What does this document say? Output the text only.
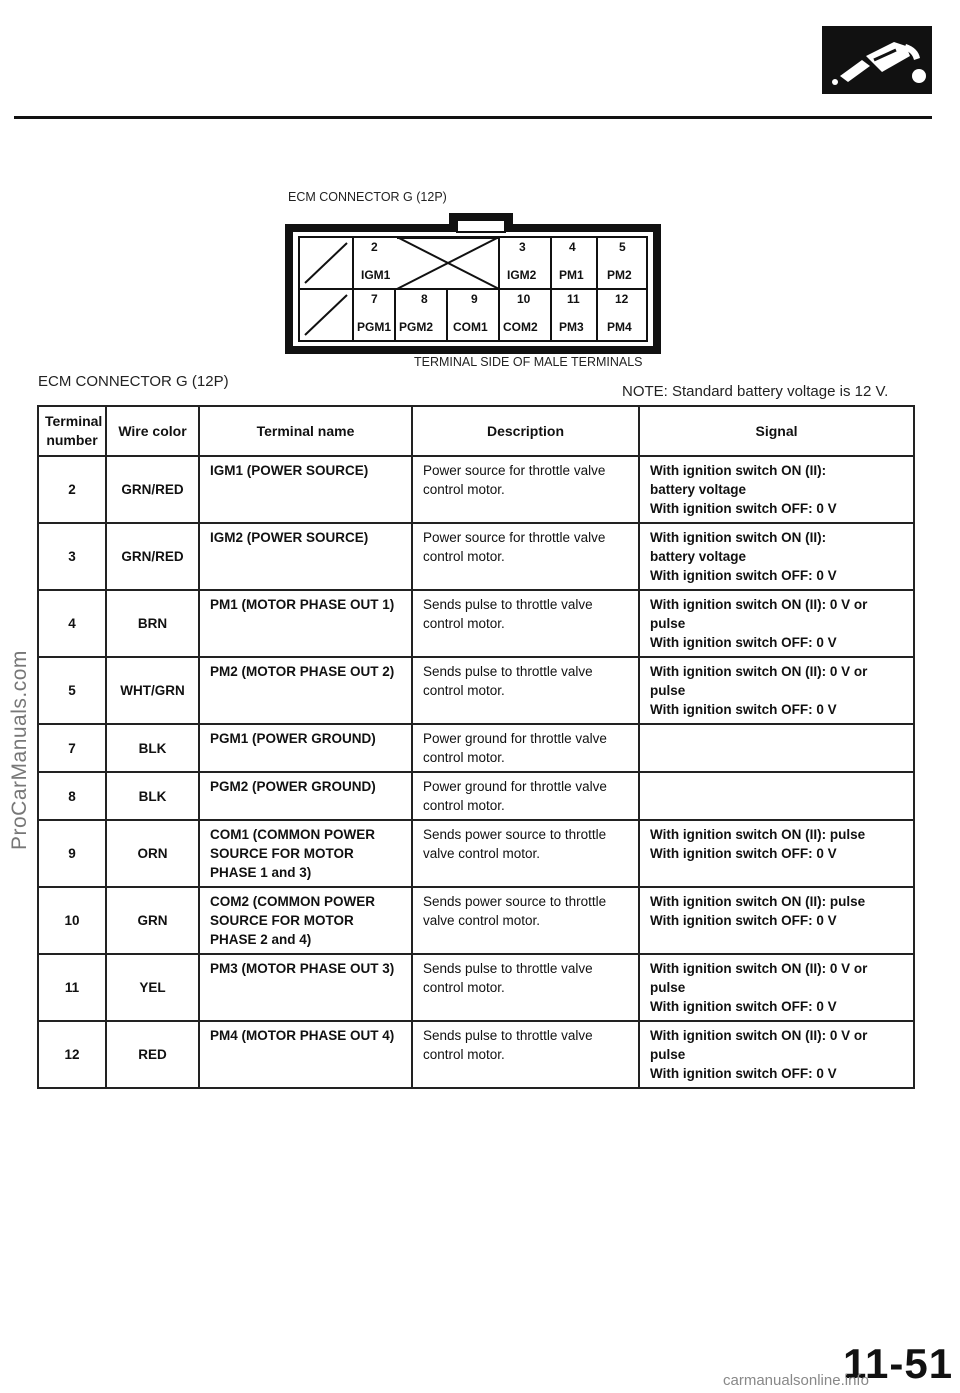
ProCarManuals.com
ECM CONNECTOR G (12P)
2
IGM1
3
IGM2
4
PM1
5
PM2
7
PGM1
8
PGM2
9
COM1
10
COM2
11
PM3
12
PM4
TERMINAL SIDE OF MALE TERMINALS
ECM CONNECTOR G (12P)
NOTE: Standard battery voltage is 12 V.
Terminal number	Wire color	Terminal name	Description	Signal
2	GRN/RED	IGM1 (POWER SOURCE)	Power source for throttle valve control motor.	With ignition switch ON (II):
battery voltage
With ignition switch OFF: 0 V

3	GRN/RED	IGM2 (POWER SOURCE)	Power source for throttle valve control motor.	With ignition switch ON (II):
battery voltage
With ignition switch OFF: 0 V

4	BRN	PM1 (MOTOR PHASE OUT 1)	Sends pulse to throttle valve control motor.	With ignition switch ON (II): 0 V or
pulse
With ignition switch OFF: 0 V

5	WHT/GRN	PM2 (MOTOR PHASE OUT 2)	Sends pulse to throttle valve control motor.	With ignition switch ON (II): 0 V or
pulse
With ignition switch OFF: 0 V

7	BLK	PGM1 (POWER GROUND)	Power ground for throttle valve control motor.	

8	BLK	PGM2 (POWER GROUND)	Power ground for throttle valve control motor.	

9	ORN	COM1 (COMMON POWER SOURCE FOR MOTOR PHASE 1 and 3)	Sends power source to throttle valve control motor.	With ignition switch ON (II): pulse
With ignition switch OFF: 0 V

10	GRN	COM2 (COMMON POWER SOURCE FOR MOTOR PHASE 2 and 4)	Sends power source to throttle valve control motor.	With ignition switch ON (II): pulse
With ignition switch OFF: 0 V

11	YEL	PM3 (MOTOR PHASE OUT 3)	Sends pulse to throttle valve control motor.	With ignition switch ON (II): 0 V or
pulse
With ignition switch OFF: 0 V

12	RED	PM4 (MOTOR PHASE OUT 4)	Sends pulse to throttle valve control motor.	With ignition switch ON (II): 0 V or
pulse
With ignition switch OFF: 0 V
11-51
carmanualsonline.info
